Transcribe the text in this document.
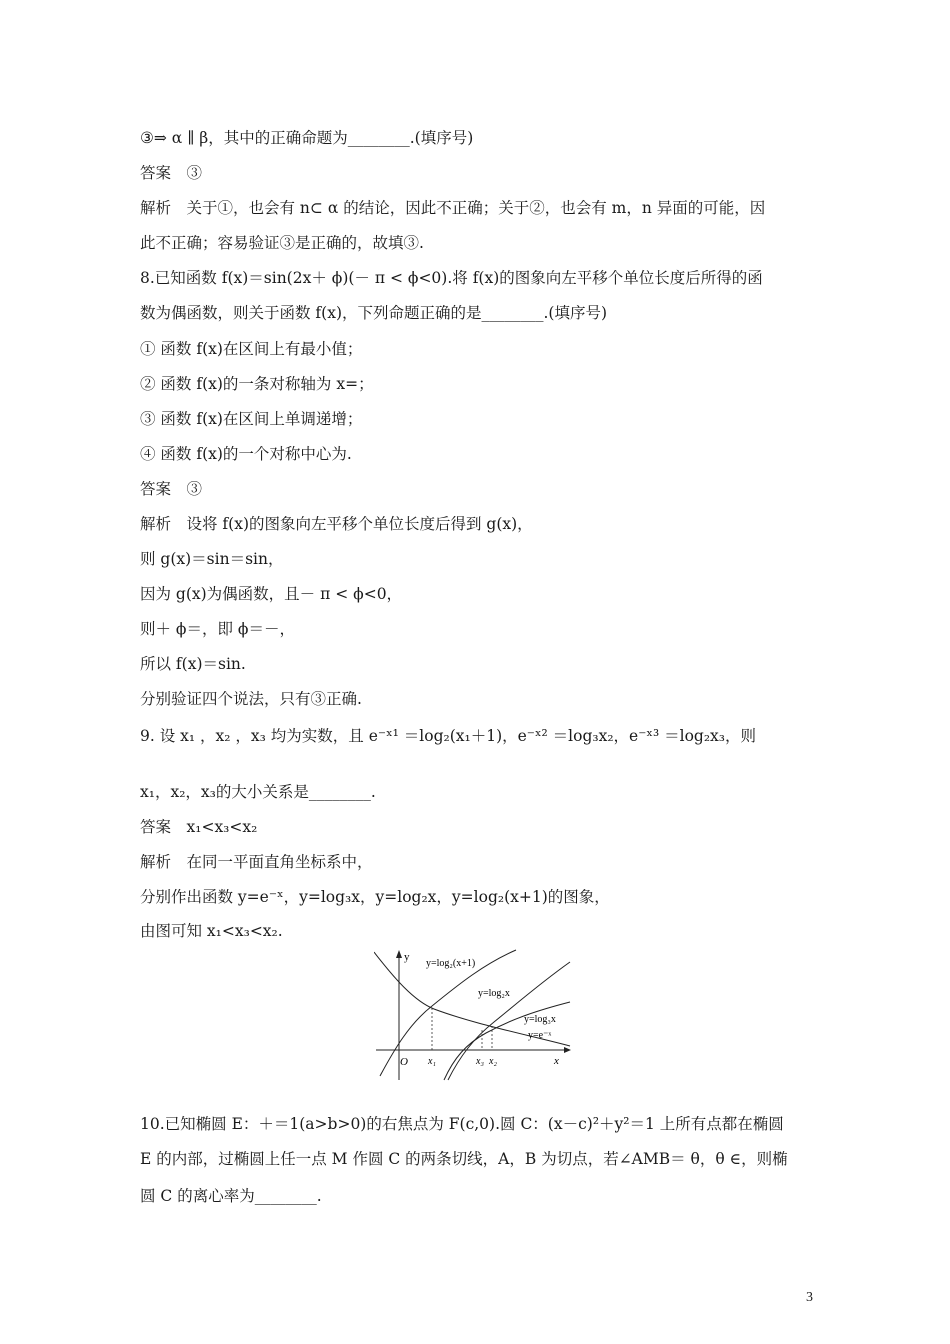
③⇒ α ∥ β，其中的正确命题为________.(填序号)
答案　③
解析　关于①，也会有 n⊂ α 的结论，因此不正确；关于②，也会有 m，n 异面的可能，因
此不正确；容易验证③是正确的，故填③.
8.已知函数 f(x)＝sin(2x＋ ϕ)(－ π < ϕ<0).将 f(x)的图象向左平移个单位长度后所得的函
数为偶函数，则关于函数 f(x)，下列命题正确的是________.(填序号)
① 函数 f(x)在区间上有最小值；
② 函数 f(x)的一条对称轴为 x=；
③ 函数 f(x)在区间上单调递增；
④ 函数 f(x)的一个对称中心为.
答案　③
解析　设将 f(x)的图象向左平移个单位长度后得到 g(x)，
则 g(x)＝sin＝sin，
因为 g(x)为偶函数，且－ π < ϕ<0，
则＋ ϕ＝，即 ϕ＝－，
所以 f(x)＝sin.
分别验证四个说法，只有③正确.
9. 设 x₁ ，x₂ ，x₃ 均为实数，且 e⁻ˣ¹ ＝log₂(x₁＋1)，e⁻ˣ² ＝log₃x₂，e⁻ˣ³ ＝log₂x₃，则
x₁，x₂，x₃的大小关系是________.
答案　x₁<x₃<x₂
解析　在同一平面直角坐标系中，
分别作出函数 y=e⁻ˣ，y=log₃x，y=log₂x，y=log₂(x+1)的图象，
由图可知 x₁<x₃<x₂.
y
x
O x₁	x₃ x₂
y=log₂(x+1)
y=log₂x
y=log₃x
y=e⁻ˣ
10.已知椭圆 E：＋＝1(a>b>0)的右焦点为 F(c,0).圆 C：(x－c)²＋y²＝1 上所有点都在椭圆
E 的内部，过椭圆上任一点 M 作圆 C 的两条切线，A，B 为切点，若∠AMB＝ θ，θ ∈，则椭
圆 C 的离心率为________.
3
